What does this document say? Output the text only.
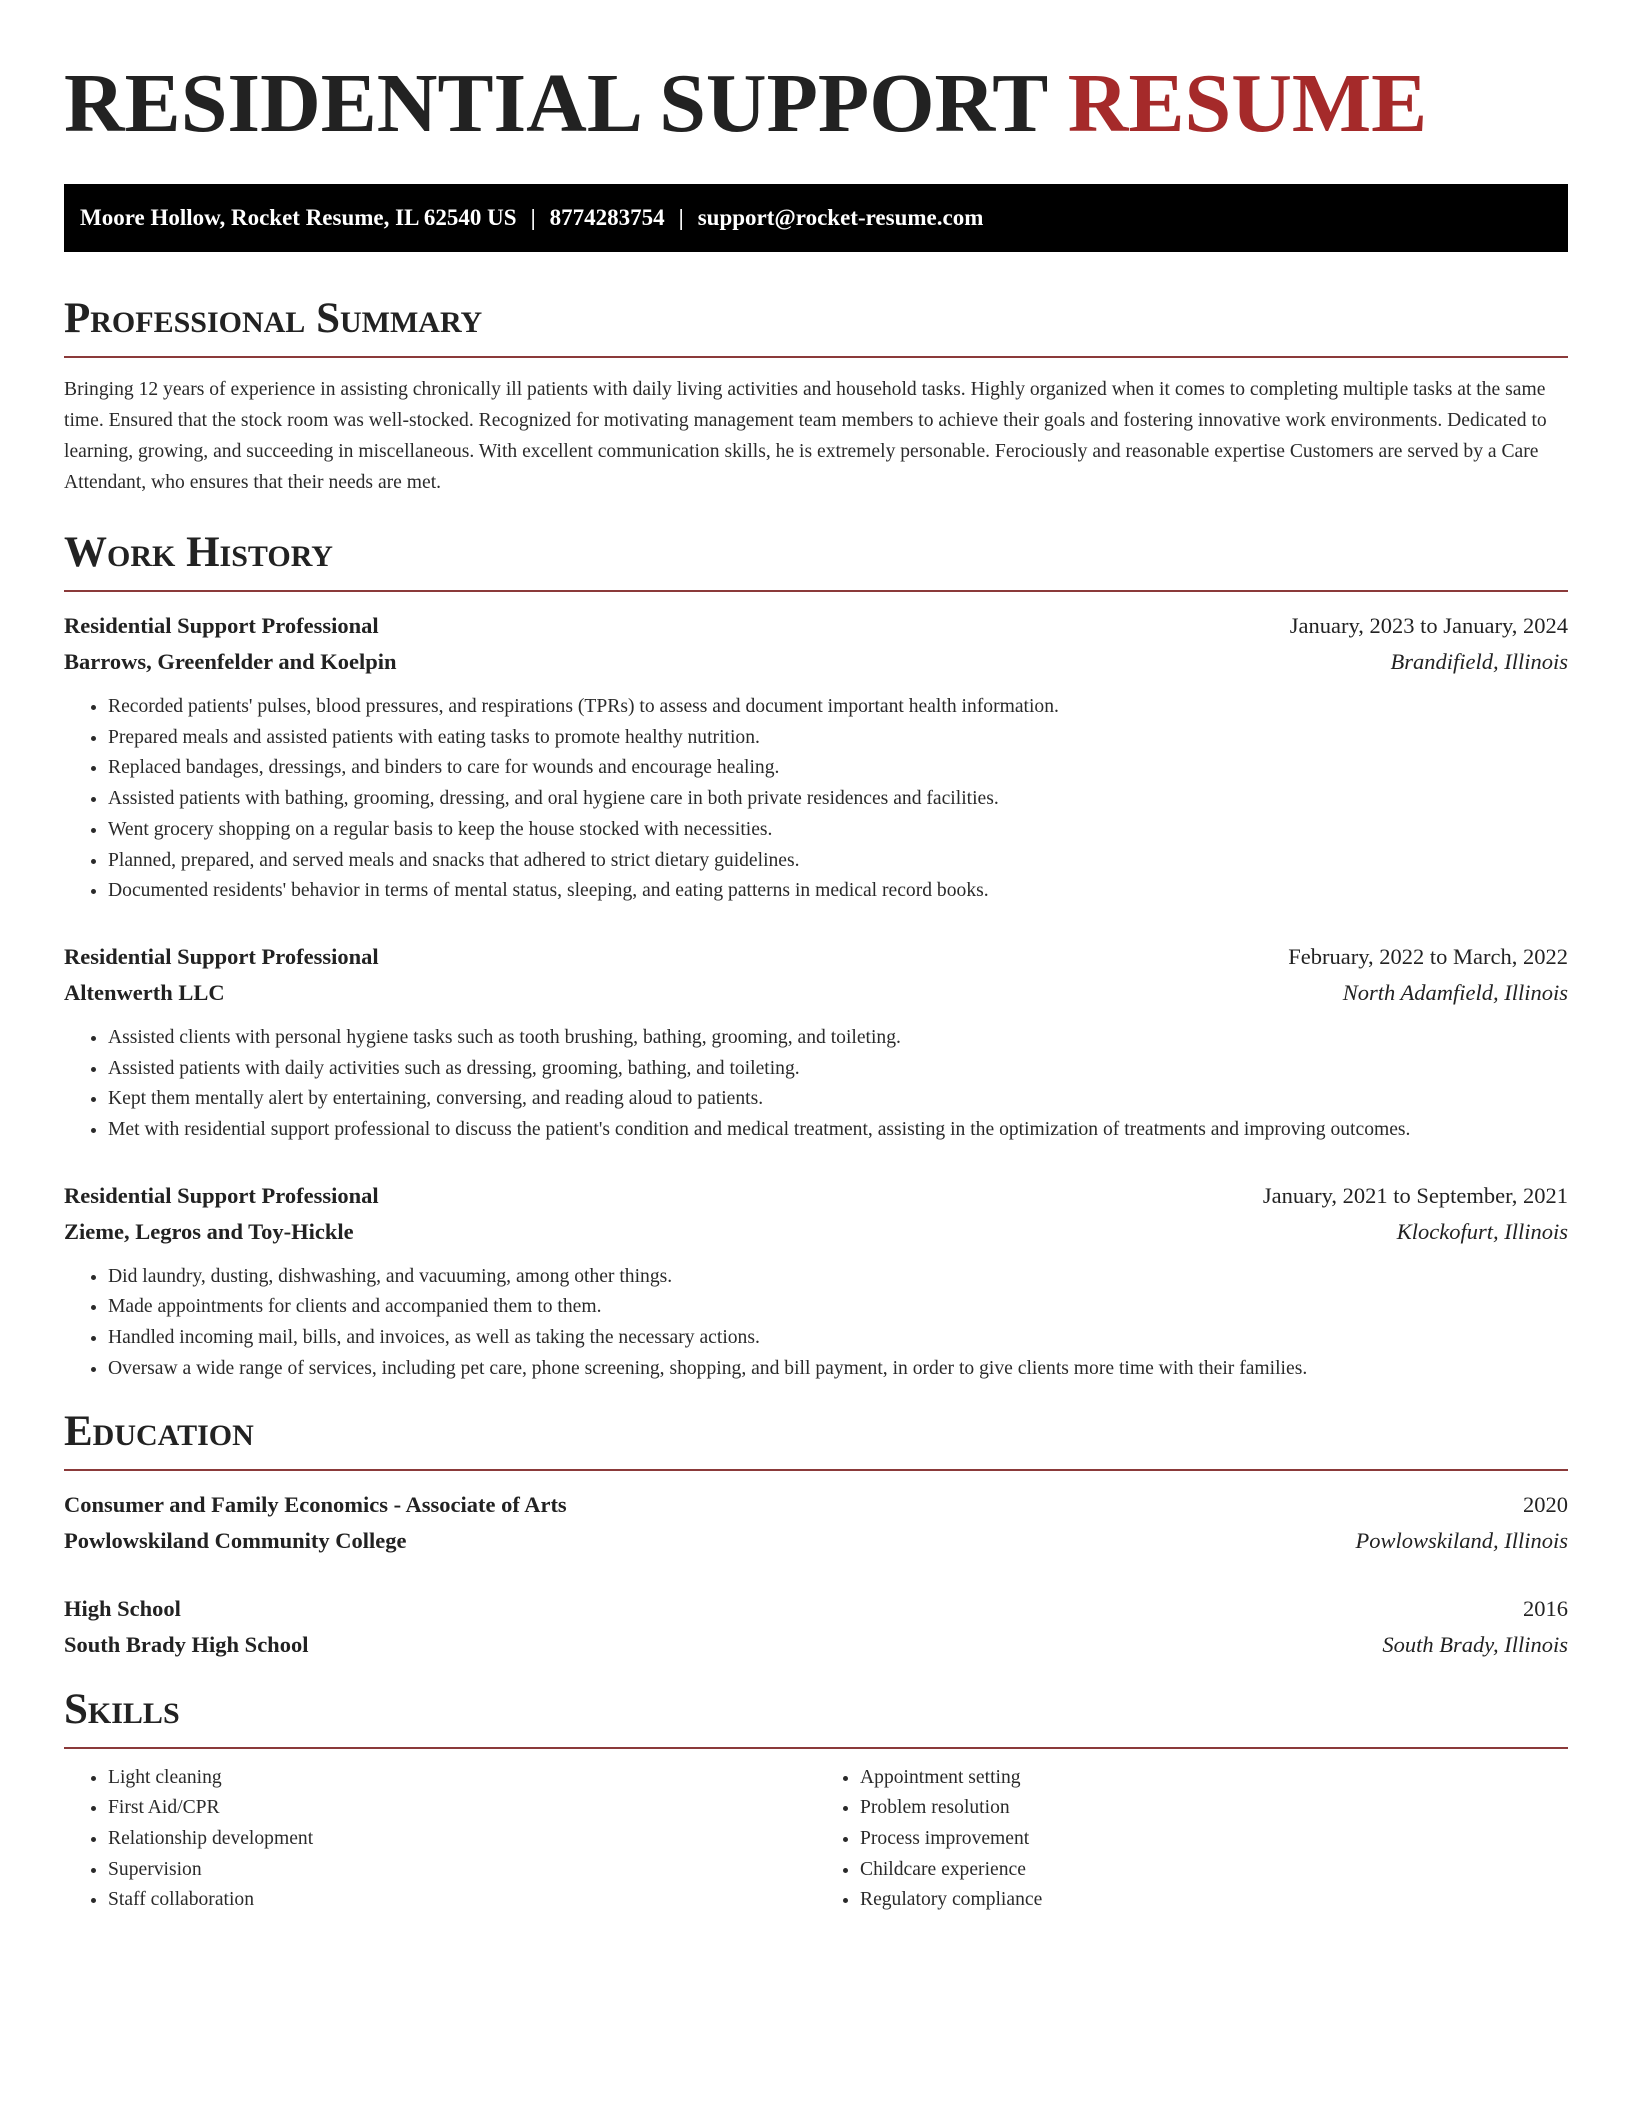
RESIDENTIAL SUPPORT RESUME
Moore Hollow, Rocket Resume, IL 62540 US | 8774283754 | support@rocket-resume.com
Professional Summary
Bringing 12 years of experience in assisting chronically ill patients with daily living activities and household tasks. Highly organized when it comes to completing multiple tasks at the same time. Ensured that the stock room was well-stocked. Recognized for motivating management team members to achieve their goals and fostering innovative work environments. Dedicated to learning, growing, and succeeding in miscellaneous. With excellent communication skills, he is extremely personable. Ferociously and reasonable expertise Customers are served by a Care Attendant, who ensures that their needs are met.
Work History
Residential Support Professional	January, 2023 to January, 2024
Barrows, Greenfelder and Koelpin	Brandifield, Illinois
• Recorded patients' pulses, blood pressures, and respirations (TPRs) to assess and document important health information.
• Prepared meals and assisted patients with eating tasks to promote healthy nutrition.
• Replaced bandages, dressings, and binders to care for wounds and encourage healing.
• Assisted patients with bathing, grooming, dressing, and oral hygiene care in both private residences and facilities.
• Went grocery shopping on a regular basis to keep the house stocked with necessities.
• Planned, prepared, and served meals and snacks that adhered to strict dietary guidelines.
• Documented residents' behavior in terms of mental status, sleeping, and eating patterns in medical record books.
Residential Support Professional	February, 2022 to March, 2022
Altenwerth LLC	North Adamfield, Illinois
• Assisted clients with personal hygiene tasks such as tooth brushing, bathing, grooming, and toileting.
• Assisted patients with daily activities such as dressing, grooming, bathing, and toileting.
• Kept them mentally alert by entertaining, conversing, and reading aloud to patients.
• Met with residential support professional to discuss the patient's condition and medical treatment, assisting in the optimization of treatments and improving outcomes.
Residential Support Professional	January, 2021 to September, 2021
Zieme, Legros and Toy-Hickle	Klockofurt, Illinois
• Did laundry, dusting, dishwashing, and vacuuming, among other things.
• Made appointments for clients and accompanied them to them.
• Handled incoming mail, bills, and invoices, as well as taking the necessary actions.
• Oversaw a wide range of services, including pet care, phone screening, shopping, and bill payment, in order to give clients more time with their families.
Education
Consumer and Family Economics - Associate of Arts	2020
Powlowskiland Community College	Powlowskiland, Illinois
High School	2016
South Brady High School	South Brady, Illinois
Skills
• Light cleaning
• First Aid/CPR
• Relationship development
• Supervision
• Staff collaboration
• Appointment setting
• Problem resolution
• Process improvement
• Childcare experience
• Regulatory compliance
